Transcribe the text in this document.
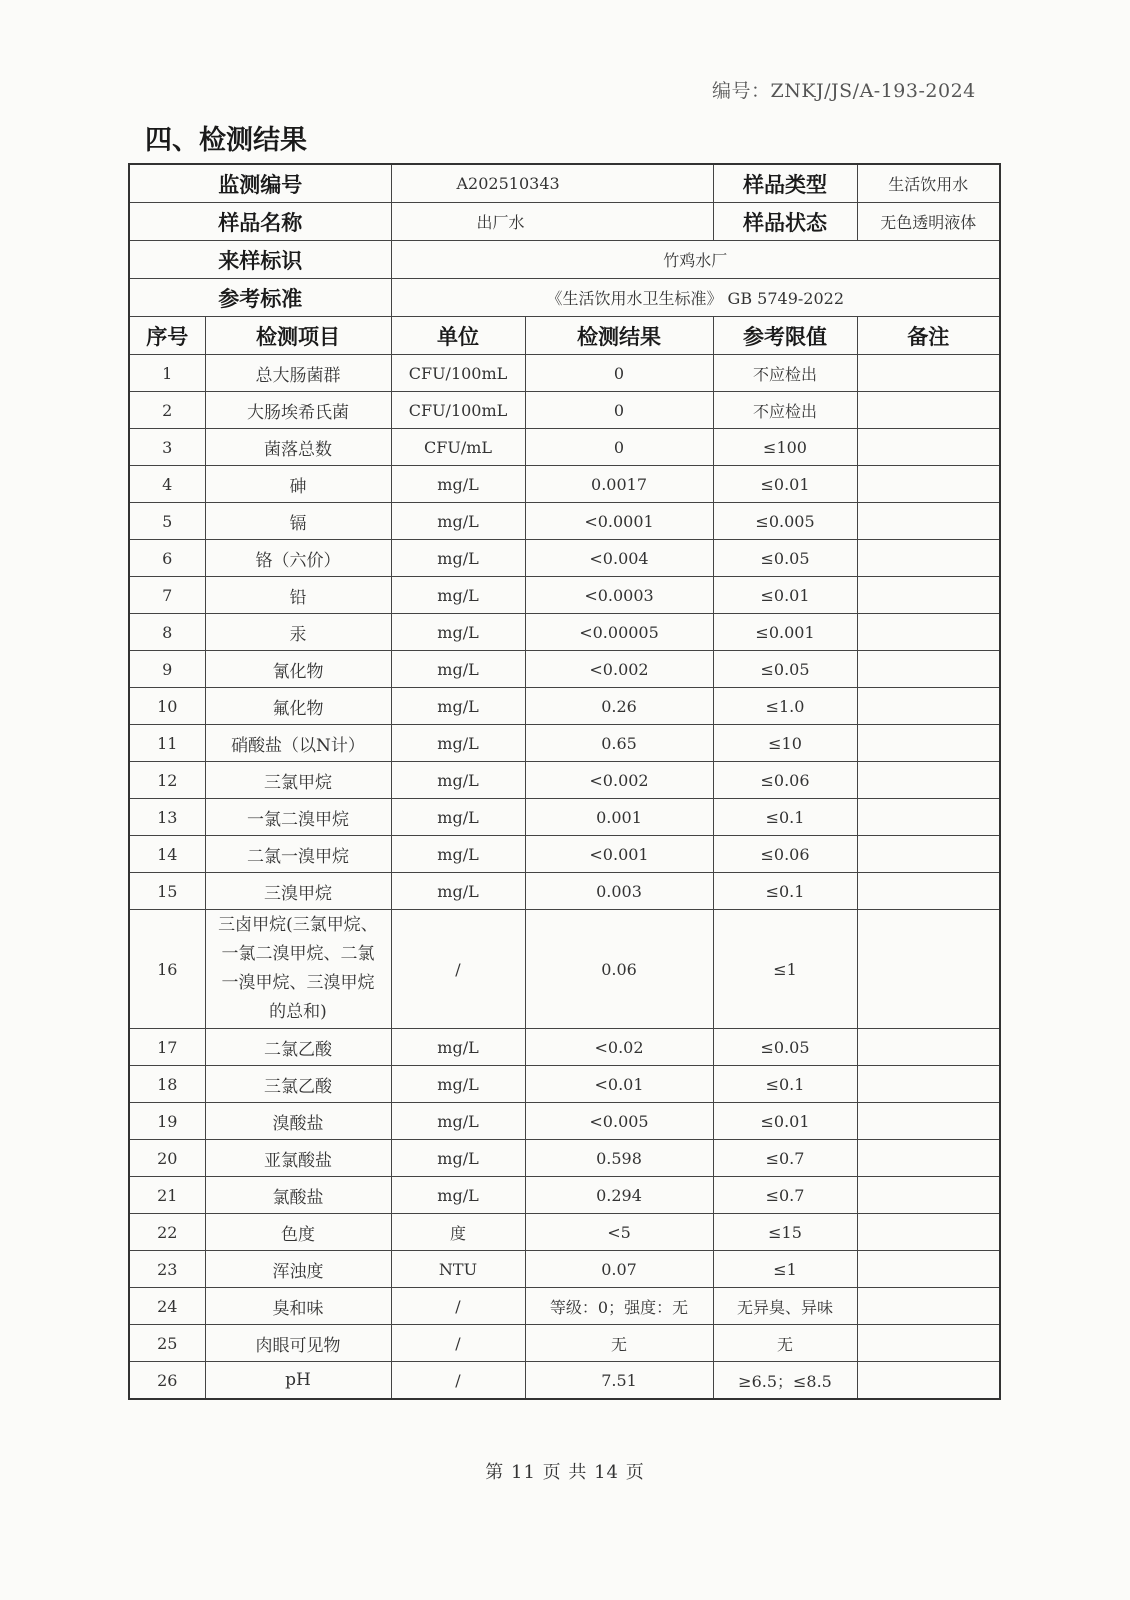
编号：ZNKJ/JS/A-193-2024
四、检测结果
监测编号		A202510343		样品类型	生活饮用水
样品名称		出厂水		样品状态	无色透明液体
来样标识		竹鸡水厂			
参考标准		《生活饮用水卫生标准》 GB 5749-2022			
序号	检测项目	单位	检测结果	参考限值	备注
1	总大肠菌群	CFU/100mL	0	不应检出	
2	大肠埃希氏菌	CFU/100mL	0	不应检出	
3	菌落总数	CFU/mL	0	≤100	
4	砷	mg/L	0.0017	≤0.01	
5	镉	mg/L	<0.0001	≤0.005	
6	铬（六价）	mg/L	<0.004	≤0.05	
7	铅	mg/L	<0.0003	≤0.01	
8	汞	mg/L	<0.00005	≤0.001	
9	氰化物	mg/L	<0.002	≤0.05	
10	氟化物	mg/L	0.26	≤1.0	
11	硝酸盐（以N计）	mg/L	0.65	≤10	
12	三氯甲烷	mg/L	<0.002	≤0.06	
13	一氯二溴甲烷	mg/L	0.001	≤0.1	
14	二氯一溴甲烷	mg/L	<0.001	≤0.06	
15	三溴甲烷	mg/L	0.003	≤0.1	
16	三卤甲烷(三氯甲烷、一氯二溴甲烷、二氯一溴甲烷、三溴甲烷的总和)	/	0.06	≤1	
17	二氯乙酸	mg/L	<0.02	≤0.05	
18	三氯乙酸	mg/L	<0.01	≤0.1	
19	溴酸盐	mg/L	<0.005	≤0.01	
20	亚氯酸盐	mg/L	0.598	≤0.7	
21	氯酸盐	mg/L	0.294	≤0.7	
22	色度	度	<5	≤15	
23	浑浊度	NTU	0.07	≤1	
24	臭和味	/	等级：0；强度：无	无异臭、异味	
25	肉眼可见物	/	无	无	
26	pH	/	7.51	≥6.5；≤8.5	
第 11 页 共 14 页
